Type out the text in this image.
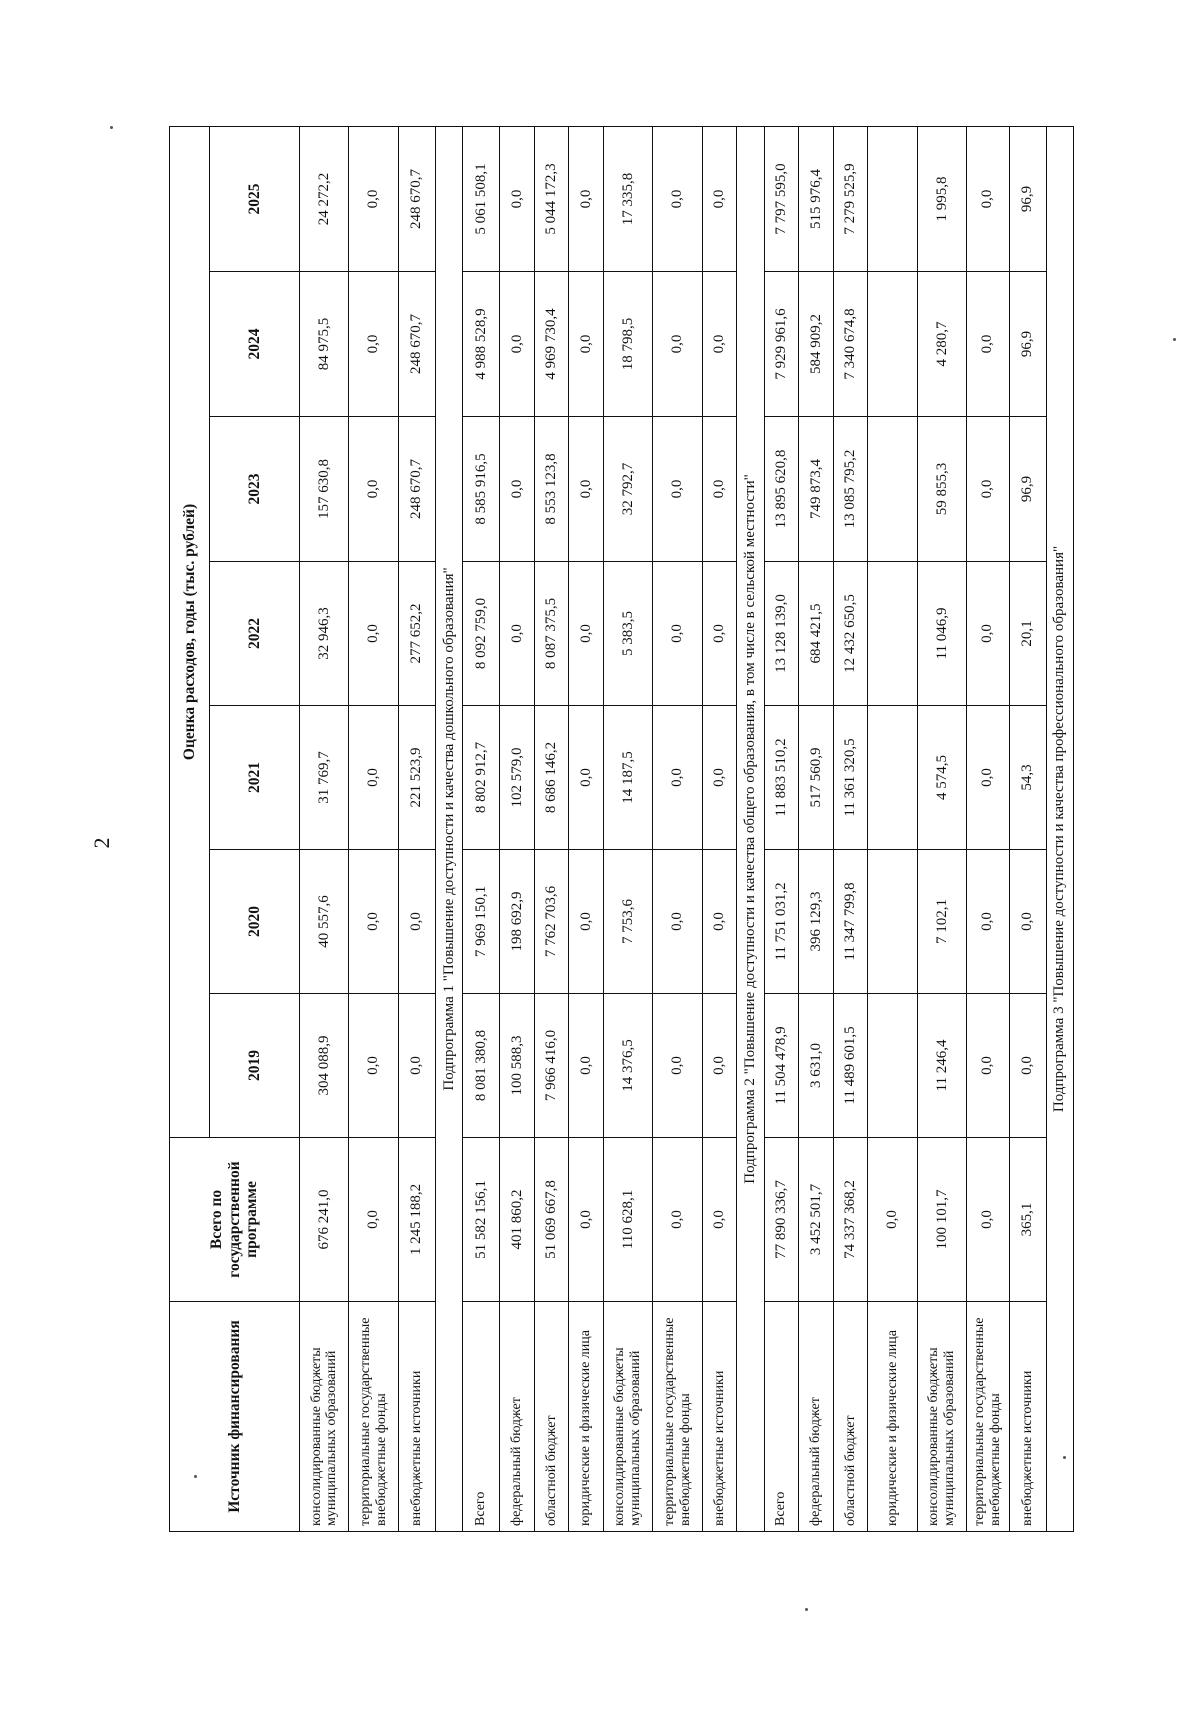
2
Источник финансирования	Всего по государственной программе	Оценка расходов, годы (тыс. рублей)						
		2019	2020	2021	2022	2023	2024	2025
консолидированные бюджеты муниципальных образований	676 241,0	304 088,9	40 557,6	31 769,7	32 946,3	157 630,8	84 975,5	24 272,2
территориальные государственные внебюджетные фонды	0,0	0,0	0,0	0,0	0,0	0,0	0,0	0,0
внебюджетные источники	1 245 188,2	0,0	0,0	221 523,9	277 652,2	248 670,7	248 670,7	248 670,7
Подпрограмма 1 "Повышение доступности и качества дошкольного образования"								
Всего	51 582 156,1	8 081 380,8	7 969 150,1	8 802 912,7	8 092 759,0	8 585 916,5	4 988 528,9	5 061 508,1
федеральный бюджет	401 860,2	100 588,3	198 692,9	102 579,0	0,0	0,0	0,0	0,0
областной бюджет	51 069 667,8	7 966 416,0	7 762 703,6	8 686 146,2	8 087 375,5	8 553 123,8	4 969 730,4	5 044 172,3
юридические и физические лица	0,0	0,0	0,0	0,0	0,0	0,0	0,0	0,0
консолидированные бюджеты муниципальных образований	110 628,1	14 376,5	7 753,6	14 187,5	5 383,5	32 792,7	18 798,5	17 335,8
территориальные государственные внебюджетные фонды	0,0	0,0	0,0	0,0	0,0	0,0	0,0	0,0
внебюджетные источники	0,0	0,0	0,0	0,0	0,0	0,0	0,0	0,0
Подпрограмма 2 "Повышение доступности и качества общего образования, в том числе в сельской местности"								
Всего	77 890 336,7	11 504 478,9	11 751 031,2	11 883 510,2	13 128 139,0	13 895 620,8	7 929 961,6	7 797 595,0
федеральный бюджет	3 452 501,7	3 631,0	396 129,3	517 560,9	684 421,5	749 873,4	584 909,2	515 976,4
областной бюджет	74 337 368,2	11 489 601,5	11 347 799,8	11 361 320,5	12 432 650,5	13 085 795,2	7 340 674,8	7 279 525,9
юридические и физические лица	0,0							
консолидированные бюджеты муниципальных образований	100 101,7	11 246,4	7 102,1	4 574,5	11 046,9	59 855,3	4 280,7	1 995,8
территориальные государственные внебюджетные фонды	0,0	0,0	0,0	0,0	0,0	0,0	0,0	0,0
внебюджетные источники	365,1	0,0	0,0	54,3	20,1	96,9	96,9	96,9
Подпрограмма 3 "Повышение доступности и качества профессионального образования"								
